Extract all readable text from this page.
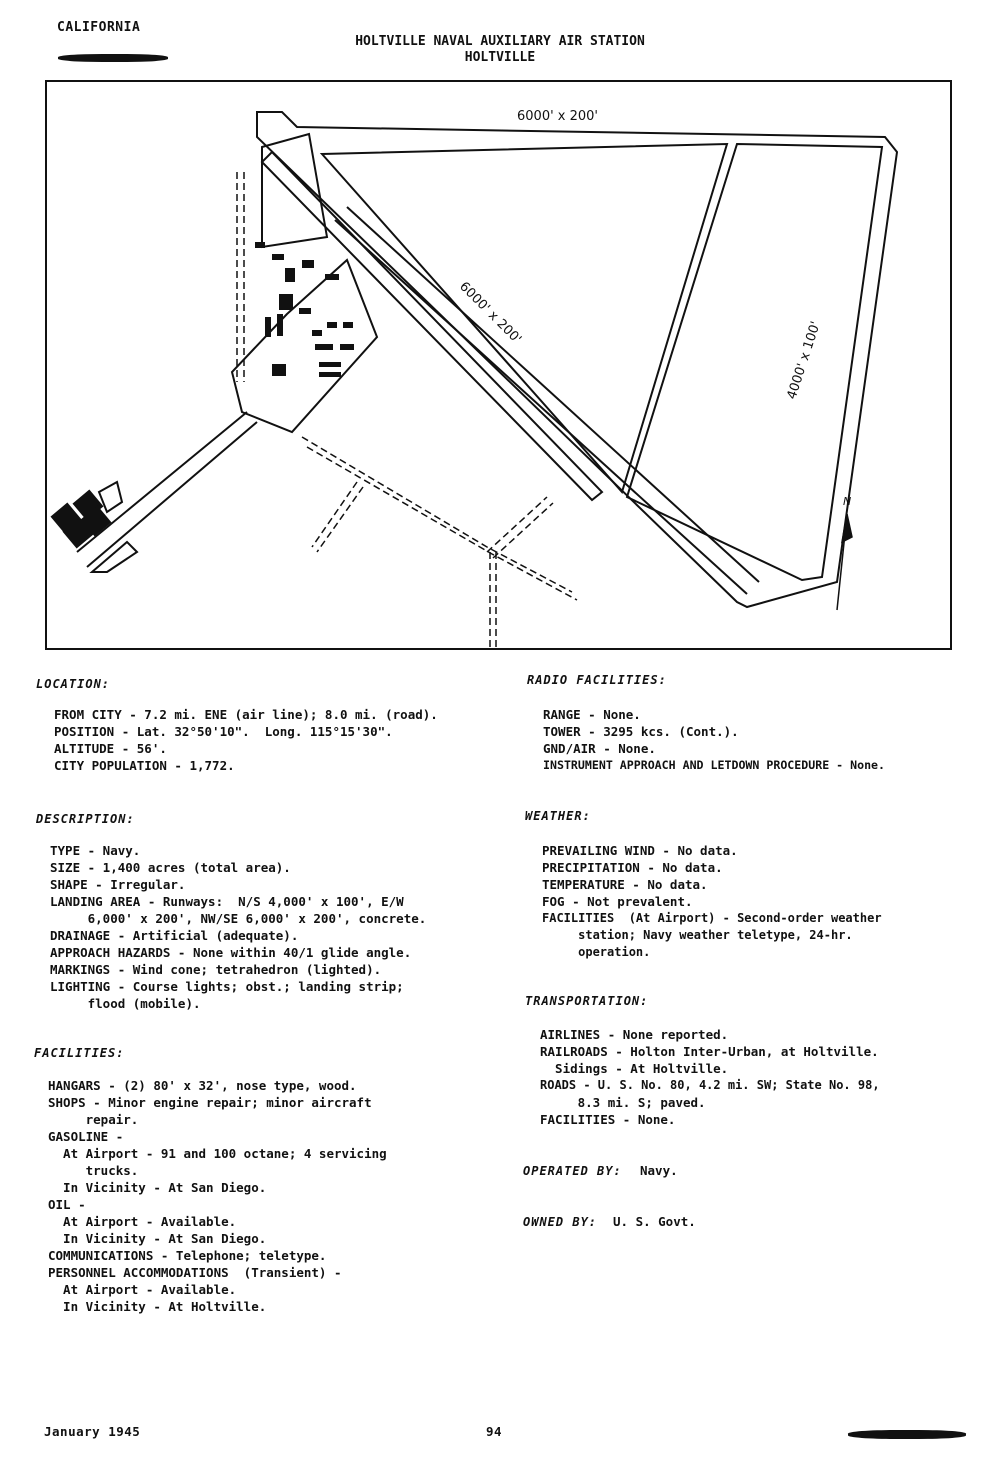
CALIFORNIA
HOLTVILLE NAVAL AUXILIARY AIR STATION
HOLTVILLE
6000' x 200'
6000' x 200'
4000' x 100'
N
LOCATION:
FROM CITY - 7.2 mi. ENE (air line); 8.0 mi. (road).
POSITION - Lat. 32°50'10".  Long. 115°15'30".
ALTITUDE - 56'.
CITY POPULATION - 1,772.
DESCRIPTION:
TYPE - Navy.
SIZE - 1,400 acres (total area).
SHAPE - Irregular.
LANDING AREA - Runways:  N/S 4,000' x 100', E/W
6,000' x 200', NW/SE 6,000' x 200', concrete.
DRAINAGE - Artificial (adequate).
APPROACH HAZARDS - None within 40/1 glide angle.
MARKINGS - Wind cone; tetrahedron (lighted).
LIGHTING - Course lights; obst.; landing strip;
flood (mobile).
FACILITIES:
HANGARS - (2) 80' x 32', nose type, wood.
SHOPS - Minor engine repair; minor aircraft
repair.
GASOLINE -
At Airport - 91 and 100 octane; 4 servicing
trucks.
In Vicinity - At San Diego.
OIL -
At Airport - Available.
In Vicinity - At San Diego.
COMMUNICATIONS - Telephone; teletype.
PERSONNEL ACCOMMODATIONS  (Transient) -
At Airport - Available.
In Vicinity - At Holtville.
RADIO FACILITIES:
RANGE - None.
TOWER - 3295 kcs. (Cont.).
GND/AIR - None.
INSTRUMENT APPROACH AND LETDOWN PROCEDURE - None.
WEATHER:
PREVAILING WIND - No data.
PRECIPITATION - No data.
TEMPERATURE - No data.
FOG - Not prevalent.
FACILITIES  (At Airport) - Second-order weather
station; Navy weather teletype, 24-hr.
operation.
TRANSPORTATION:
AIRLINES - None reported.
RAILROADS - Holton Inter-Urban, at Holtville.
Sidings - At Holtville.
ROADS - U. S. No. 80, 4.2 mi. SW; State No. 98,
8.3 mi. S; paved.
FACILITIES - None.
OPERATED BY: Navy.
OWNED BY: U. S. Govt.
January 1945	94
